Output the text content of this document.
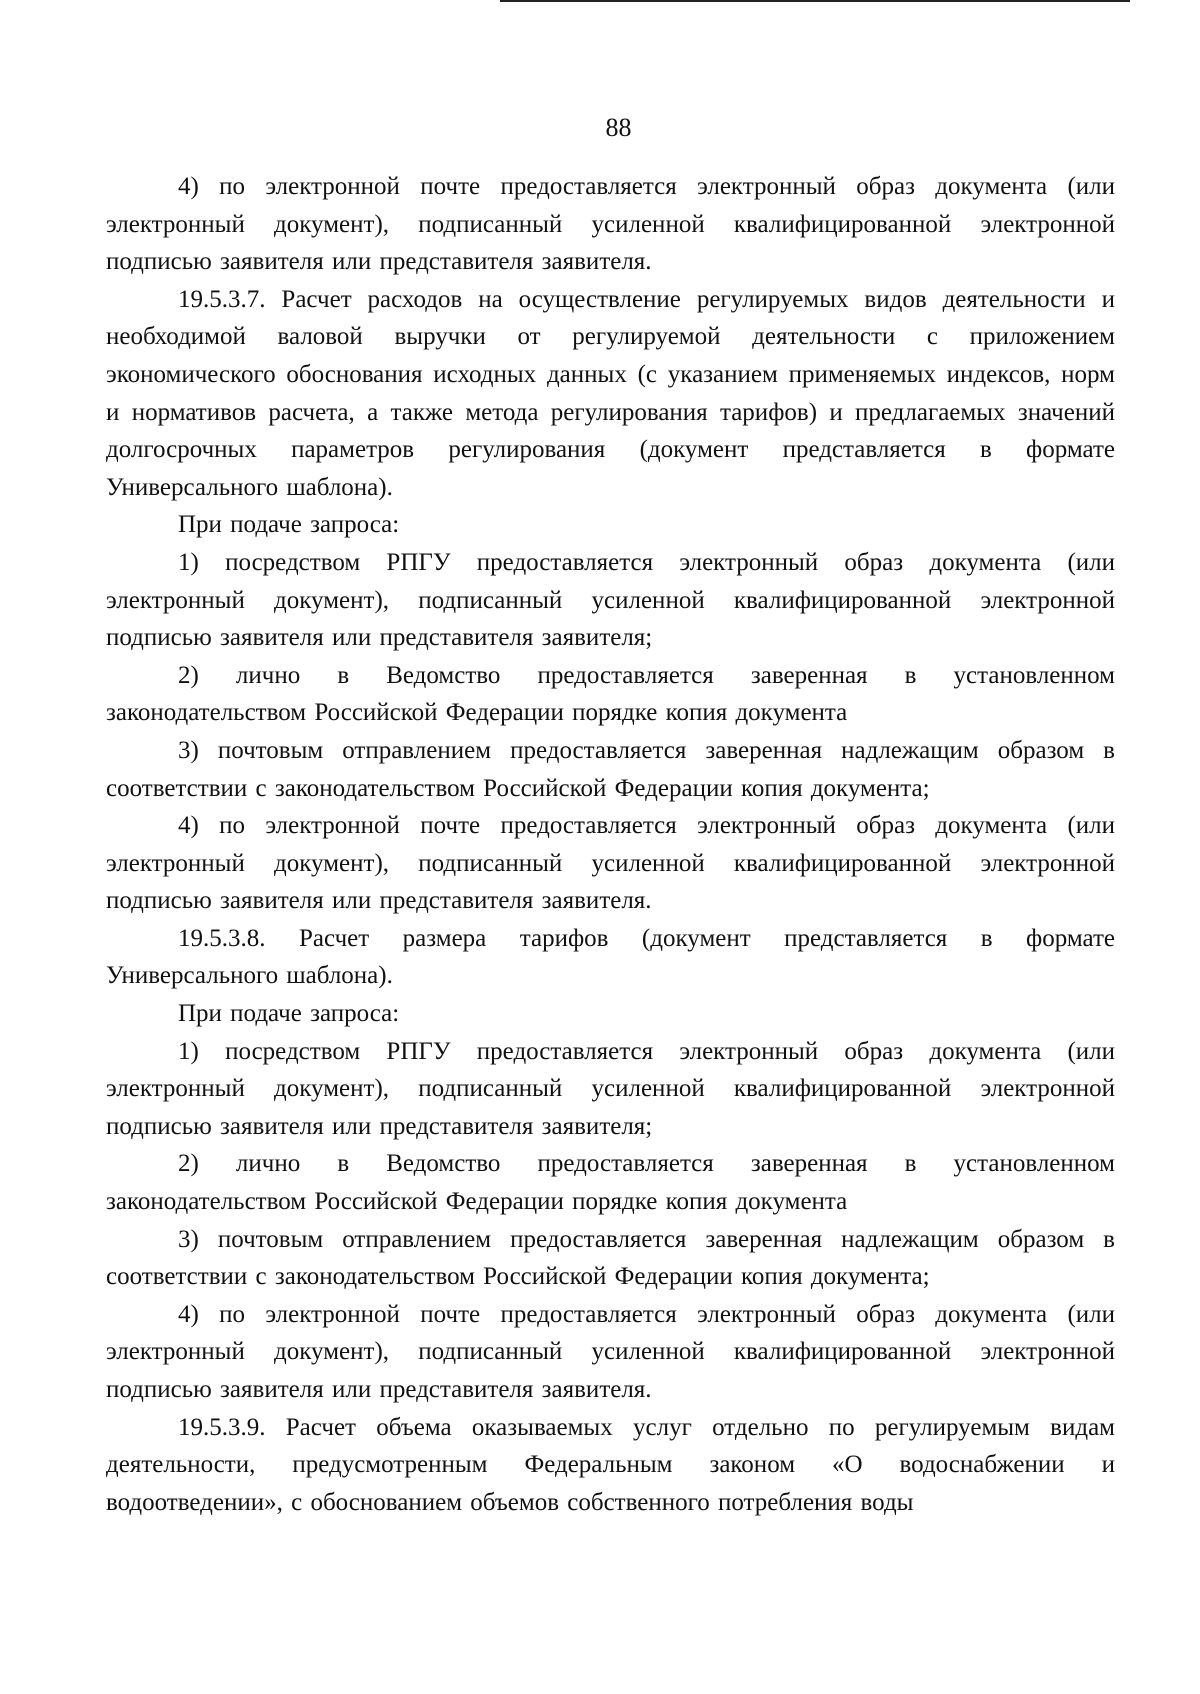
88

4) по электронной почте предоставляется электронный образ документа (или электронный документ), подписанный усиленной квалифицированной электронной подписью заявителя или представителя заявителя.

19.5.3.7. Расчет расходов на осуществление регулируемых видов деятельности и необходимой валовой выручки от регулируемой деятельности с приложением экономического обоснования исходных данных (с указанием применяемых индексов, норм и нормативов расчета, а также метода регулирования тарифов) и предлагаемых значений долгосрочных параметров регулирования (документ представляется в формате Универсального шаблона).

При подаче запроса:

1) посредством РПГУ предоставляется электронный образ документа (или электронный документ), подписанный усиленной квалифицированной электронной подписью заявителя или представителя заявителя;

2) лично в Ведомство предоставляется заверенная в установленном законодательством Российской Федерации порядке копия документа

3) почтовым отправлением предоставляется заверенная надлежащим образом в соответствии с законодательством Российской Федерации копия документа;

4) по электронной почте предоставляется электронный образ документа (или электронный документ), подписанный усиленной квалифицированной электронной подписью заявителя или представителя заявителя.

19.5.3.8. Расчет размера тарифов (документ представляется в формате Универсального шаблона).

При подаче запроса:

1) посредством РПГУ предоставляется электронный образ документа (или электронный документ), подписанный усиленной квалифицированной электронной подписью заявителя или представителя заявителя;

2) лично в Ведомство предоставляется заверенная в установленном законодательством Российской Федерации порядке копия документа

3) почтовым отправлением предоставляется заверенная надлежащим образом в соответствии с законодательством Российской Федерации копия документа;

4) по электронной почте предоставляется электронный образ документа (или электронный документ), подписанный усиленной квалифицированной электронной подписью заявителя или представителя заявителя.

19.5.3.9. Расчет объема оказываемых услуг отдельно по регулируемым видам деятельности, предусмотренным Федеральным законом «О водоснабжении и водоотведении», с обоснованием объемов собственного потребления воды
